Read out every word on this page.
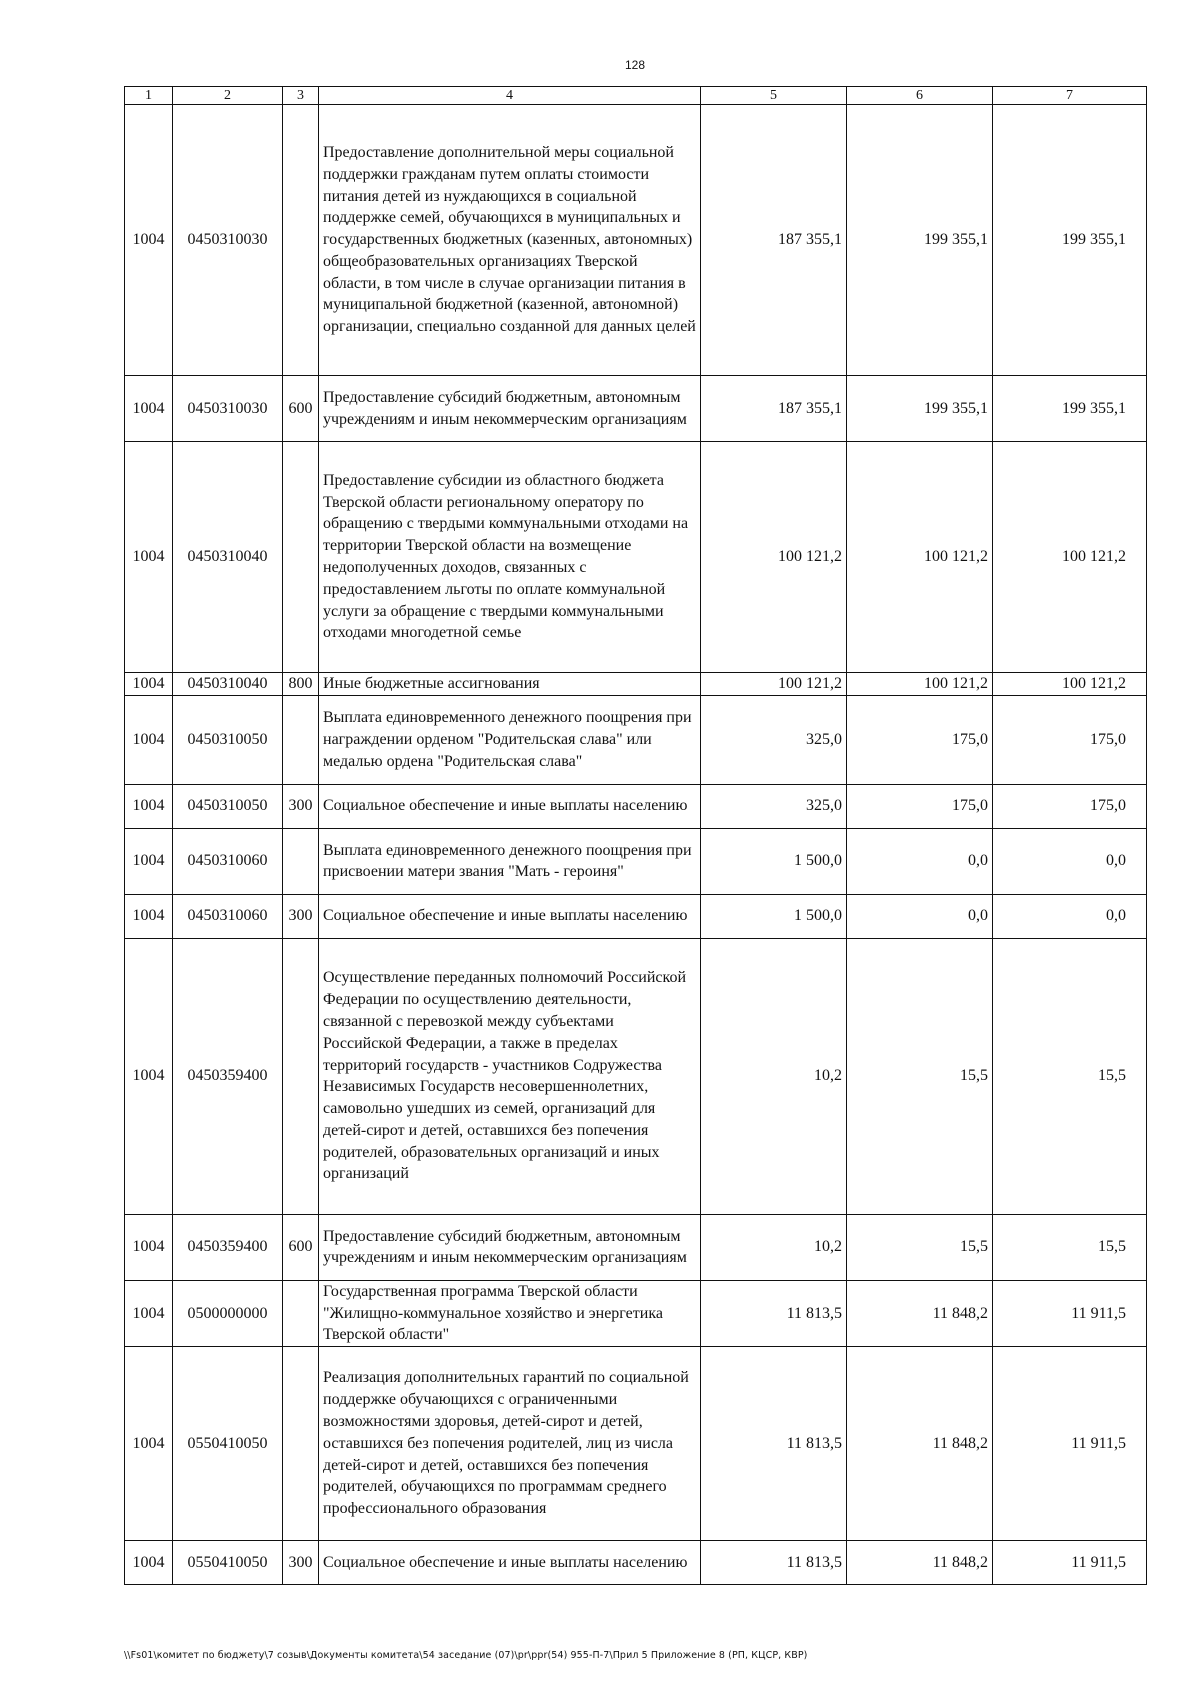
128
1	2	3	4	5	6	7
1004	0450310030		Предоставление дополнительной меры социальной поддержки гражданам путем оплаты стоимости питания детей из нуждающихся в социальной поддержке семей, обучающихся в муниципальных и государственных бюджетных (казенных, автономных) общеобразовательных организациях Тверской области, в том числе в случае организации питания в муниципальной бюджетной (казенной, автономной) организации, специально созданной для данных целей	187 355,1	199 355,1	199 355,1
1004	0450310030	600	Предоставление субсидий бюджетным, автономным учреждениям и иным некоммерческим организациям	187 355,1	199 355,1	199 355,1
1004	0450310040		Предоставление субсидии из областного бюджета Тверской области региональному оператору по обращению с твердыми коммунальными отходами на территории Тверской области на возмещение недополученных доходов, связанных с предоставлением льготы по оплате коммунальной услуги за обращение с твердыми коммунальными отходами многодетной семье	100 121,2	100 121,2	100 121,2
1004	0450310040	800	Иные бюджетные ассигнования	100 121,2	100 121,2	100 121,2
1004	0450310050		Выплата единовременного денежного поощрения при награждении орденом "Родительская слава" или медалью ордена "Родительская слава"	325,0	175,0	175,0
1004	0450310050	300	Социальное обеспечение и иные выплаты населению	325,0	175,0	175,0
1004	0450310060		Выплата единовременного денежного поощрения при присвоении матери звания "Мать - героиня"	1 500,0	0,0	0,0
1004	0450310060	300	Социальное обеспечение и иные выплаты населению	1 500,0	0,0	0,0
1004	0450359400		Осуществление переданных полномочий Российской Федерации по осуществлению деятельности, связанной с перевозкой между субъектами Российской Федерации, а также в пределах территорий государств - участников Содружества Независимых Государств несовершеннолетних, самовольно ушедших из семей, организаций для детей-сирот и детей, оставшихся без попечения родителей, образовательных организаций и иных организаций	10,2	15,5	15,5
1004	0450359400	600	Предоставление субсидий бюджетным, автономным учреждениям и иным некоммерческим организациям	10,2	15,5	15,5
1004	0500000000		Государственная программа Тверской области "Жилищно-коммунальное хозяйство и энергетика Тверской области"	11 813,5	11 848,2	11 911,5
1004	0550410050		Реализация дополнительных гарантий по социальной поддержке обучающихся с ограниченными возможностями здоровья, детей-сирот и детей, оставшихся без попечения родителей, лиц из числа детей-сирот и детей, оставшихся без попечения родителей, обучающихся по программам среднего профессионального образования	11 813,5	11 848,2	11 911,5
1004	0550410050	300	Социальное обеспечение и иные выплаты населению	11 813,5	11 848,2	11 911,5
\\Fs01\комитет по бюджету\7 созыв\Документы комитета\54 заседание (07)\pr\ppr(54) 955-П-7\Прил 5 Приложение 8 (РП, КЦСР, КВР)
